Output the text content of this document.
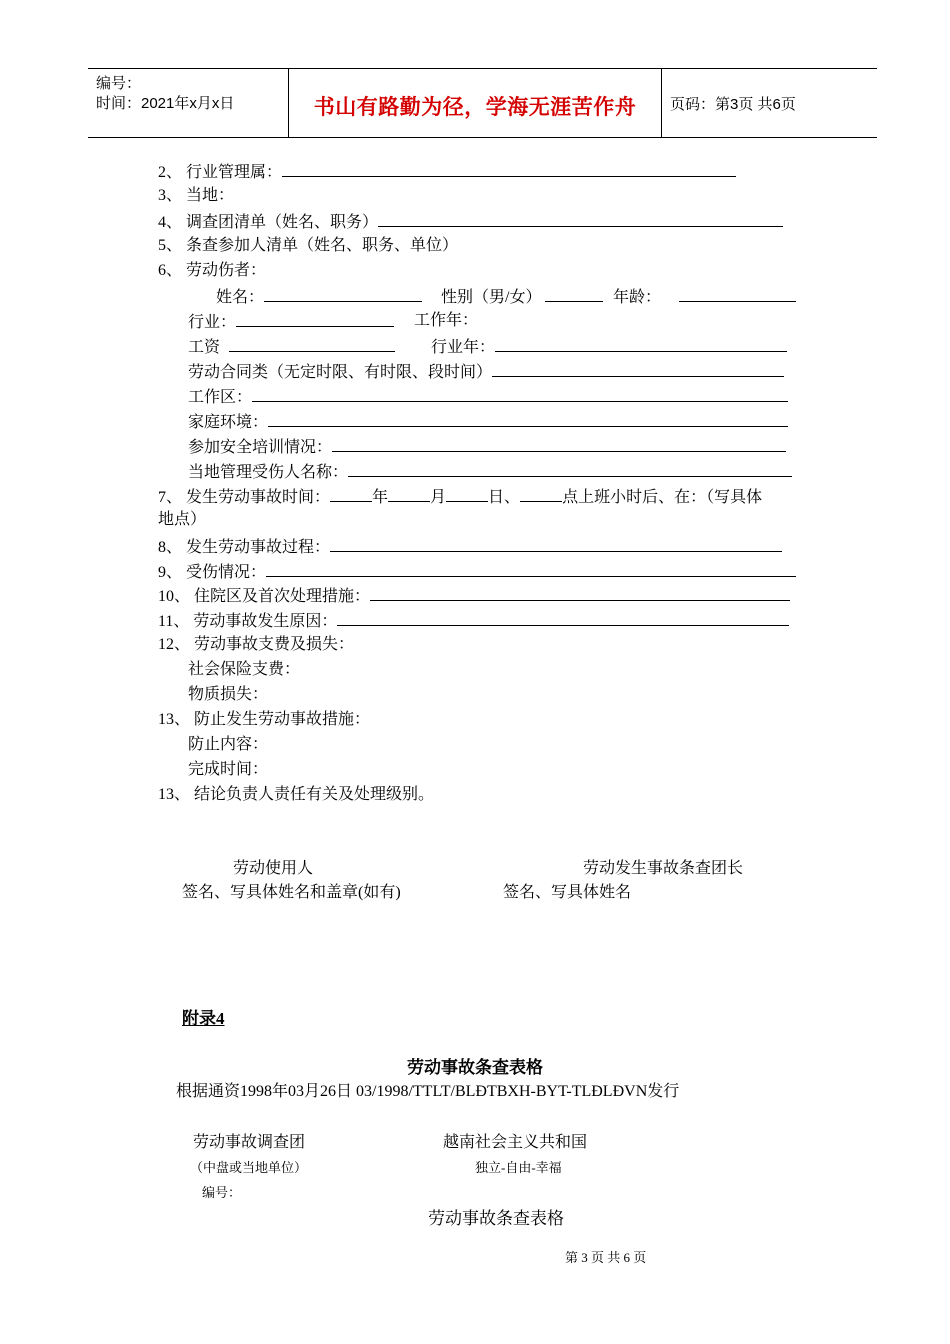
编号：
时间：2021年x月x日	书山有路勤为径，学海无涯苦作舟	页码：第3页 共6页
2、 行业管理属：
3、 当地：
4、 调查团清单（姓名、职务）
5、 条查参加人清单（姓名、职务、单位）
6、 劳动伤者：
姓名：	性别（男/女）	年龄：
行业：	工作年：
工资	行业年：
劳动合同类（无定时限、有时限、段时间）
工作区：
家庭环境：
参加安全培训情况：
当地管理受伤人名称：
7、 发生劳动事故时间：	年	月	日、	点上班小时后、在：（写具体
地点）
8、 发生劳动事故过程：
9、 受伤情况：
10、 住院区及首次处理措施：
11、 劳动事故发生原因：
12、 劳动事故支费及损失：
社会保险支费：
物质损失：
13、 防止发生劳动事故措施：
防止内容：
完成时间：
13、 结论负责人责任有关及处理级别。
劳动使用人
签名、写具体姓名和盖章(如有)
劳动发生事故条查团长
签名、写具体姓名
附录4
劳动事故条查表格
根据通资1998年03月26日 03/1998/TTLT/BLĐTBXH-BYT-TLĐLĐVN发行
劳动事故调查团	越南社会主义共和国
（中盘或当地单位）	独立-自由-幸福
编号：
劳动事故条查表格
第 3 页 共 6 页
